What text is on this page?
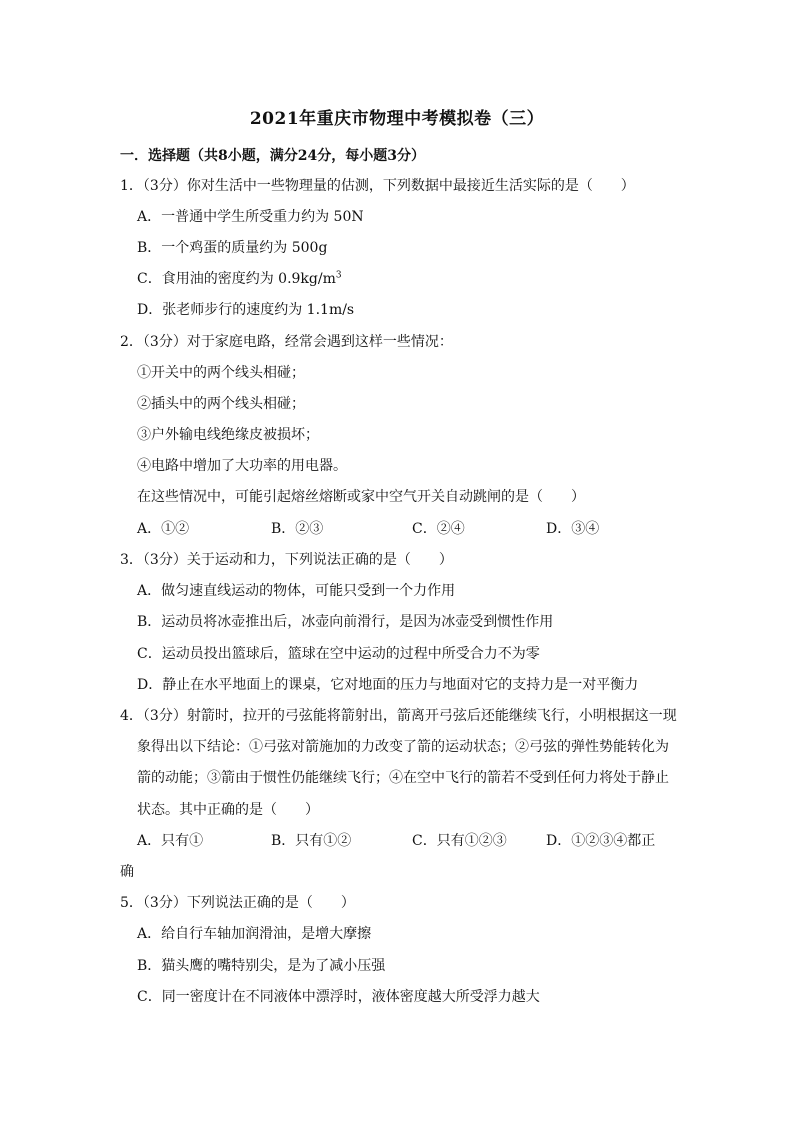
2021年重庆市物理中考模拟卷（三）
一．选择题（共8小题，满分24分，每小题3分）
1．（3分）你对生活中一些物理量的估测，下列数据中最接近生活实际的是（　　）
A．一普通中学生所受重力约为 50N
B．一个鸡蛋的质量约为 500g
C．食用油的密度约为 $0.9kg/m^3$
D．张老师步行的速度约为 1.1m/s
2．（3分）对于家庭电路，经常会遇到这样一些情况：
①开关中的两个线头相碰；
②插头中的两个线头相碰；
③户外输电线绝缘皮被损坏；
④电路中增加了大功率的用电器。
在这些情况中，可能引起熔丝熔断或家中空气开关自动跳闸的是（　　）
A．①②	B．②③	C．②④	D．③④
3．（3分）关于运动和力，下列说法正确的是（　　）
A．做匀速直线运动的物体，可能只受到一个力作用
B．运动员将冰壶推出后，冰壶向前滑行，是因为冰壶受到惯性作用
C．运动员投出篮球后，篮球在空中运动的过程中所受合力不为零
D．静止在水平地面上的课桌，它对地面的压力与地面对它的支持力是一对平衡力
4．（3分）射箭时，拉开的弓弦能将箭射出，箭离开弓弦后还能继续飞行，小明根据这一现
象得出以下结论：①弓弦对箭施加的力改变了箭的运动状态；②弓弦的弹性势能转化为
箭的动能；③箭由于惯性仍能继续飞行；④在空中飞行的箭若不受到任何力将处于静止
状态。其中正确的是（　　）
A．只有①	B．只有①②	C．只有①②③	D．①②③④都正
确
5．（3分）下列说法正确的是（　　）
A．给自行车轴加润滑油，是增大摩擦
B．猫头鹰的嘴特别尖，是为了减小压强
C．同一密度计在不同液体中漂浮时，液体密度越大所受浮力越大
